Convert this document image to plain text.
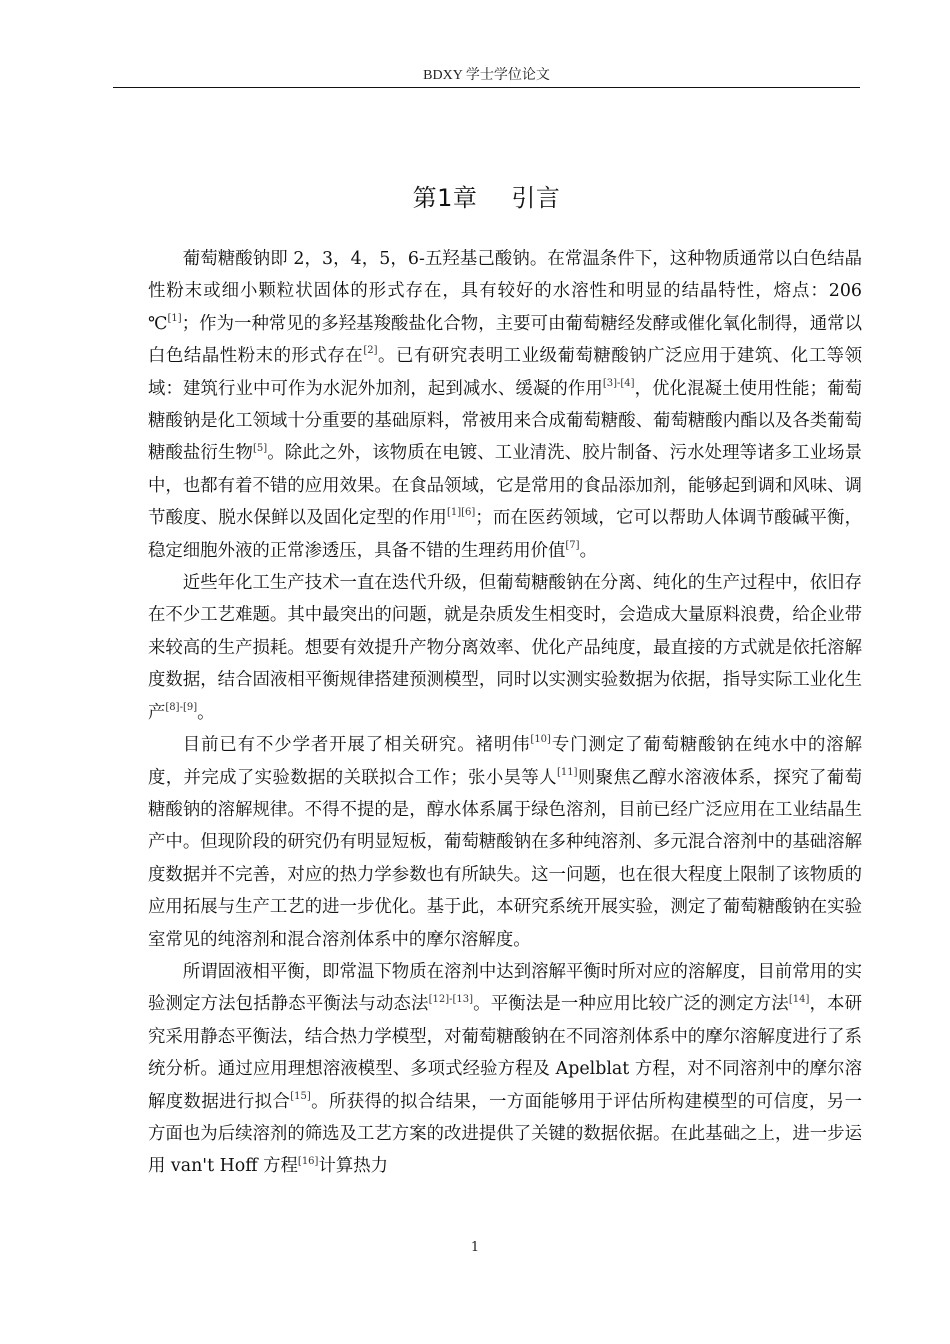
BDXY 学士学位论文
第1章 引言

葡萄糖酸钠即 2，3，4，5，6-五羟基己酸钠。在常温条件下，这种物质通常以白色结晶性粉末或细小颗粒状固体的形式存在，具有较好的水溶性和明显的结晶特性，熔点：206 ℃[1]；作为一种常见的多羟基羧酸盐化合物，主要可由葡萄糖经发酵或催化氧化制得，通常以白色结晶性粉末的形式存在[2]。已有研究表明工业级葡萄糖酸钠广泛应用于建筑、化工等领域：建筑行业中可作为水泥外加剂，起到减水、缓凝的作用[3]-[4]，优化混凝土使用性能；葡萄糖酸钠是化工领域十分重要的基础原料，常被用来合成葡萄糖酸、葡萄糖酸内酯以及各类葡萄糖酸盐衍生物[5]。除此之外，该物质在电镀、工业清洗、胶片制备、污水处理等诸多工业场景中，也都有着不错的应用效果。在食品领域，它是常用的食品添加剂，能够起到调和风味、调节酸度、脱水保鲜以及固化定型的作用[1][6]；而在医药领域，它可以帮助人体调节酸碱平衡，稳定细胞外液的正常渗透压，具备不错的生理药用价值[7]。

近些年化工生产技术一直在迭代升级，但葡萄糖酸钠在分离、纯化的生产过程中，依旧存在不少工艺难题。其中最突出的问题，就是杂质发生相变时，会造成大量原料浪费，给企业带来较高的生产损耗。想要有效提升产物分离效率、优化产品纯度，最直接的方式就是依托溶解度数据，结合固液相平衡规律搭建预测模型，同时以实测实验数据为依据，指导实际工业化生产[8]-[9]。

目前已有不少学者开展了相关研究。褚明伟[10]专门测定了葡萄糖酸钠在纯水中的溶解度，并完成了实验数据的关联拟合工作；张小昊等人[11]则聚焦乙醇水溶液体系，探究了葡萄糖酸钠的溶解规律。不得不提的是，醇水体系属于绿色溶剂，目前已经广泛应用在工业结晶生产中。但现阶段的研究仍有明显短板，葡萄糖酸钠在多种纯溶剂、多元混合溶剂中的基础溶解度数据并不完善，对应的热力学参数也有所缺失。这一问题，也在很大程度上限制了该物质的应用拓展与生产工艺的进一步优化。基于此，本研究系统开展实验，测定了葡萄糖酸钠在实验室常见的纯溶剂和混合溶剂体系中的摩尔溶解度。

所谓固液相平衡，即常温下物质在溶剂中达到溶解平衡时所对应的溶解度，目前常用的实验测定方法包括静态平衡法与动态法[12]-[13]。平衡法是一种应用比较广泛的测定方法[14]，本研究采用静态平衡法，结合热力学模型，对葡萄糖酸钠在不同溶剂体系中的摩尔溶解度进行了系统分析。通过应用理想溶液模型、多项式经验方程及 Apelblat 方程，对不同溶剂中的摩尔溶解度数据进行拟合[15]。所获得的拟合结果，一方面能够用于评估所构建模型的可信度，另一方面也为后续溶剂的筛选及工艺方案的改进提供了关键的数据依据。在此基础之上，进一步运用 van't Hoff 方程[16]计算热力

1
